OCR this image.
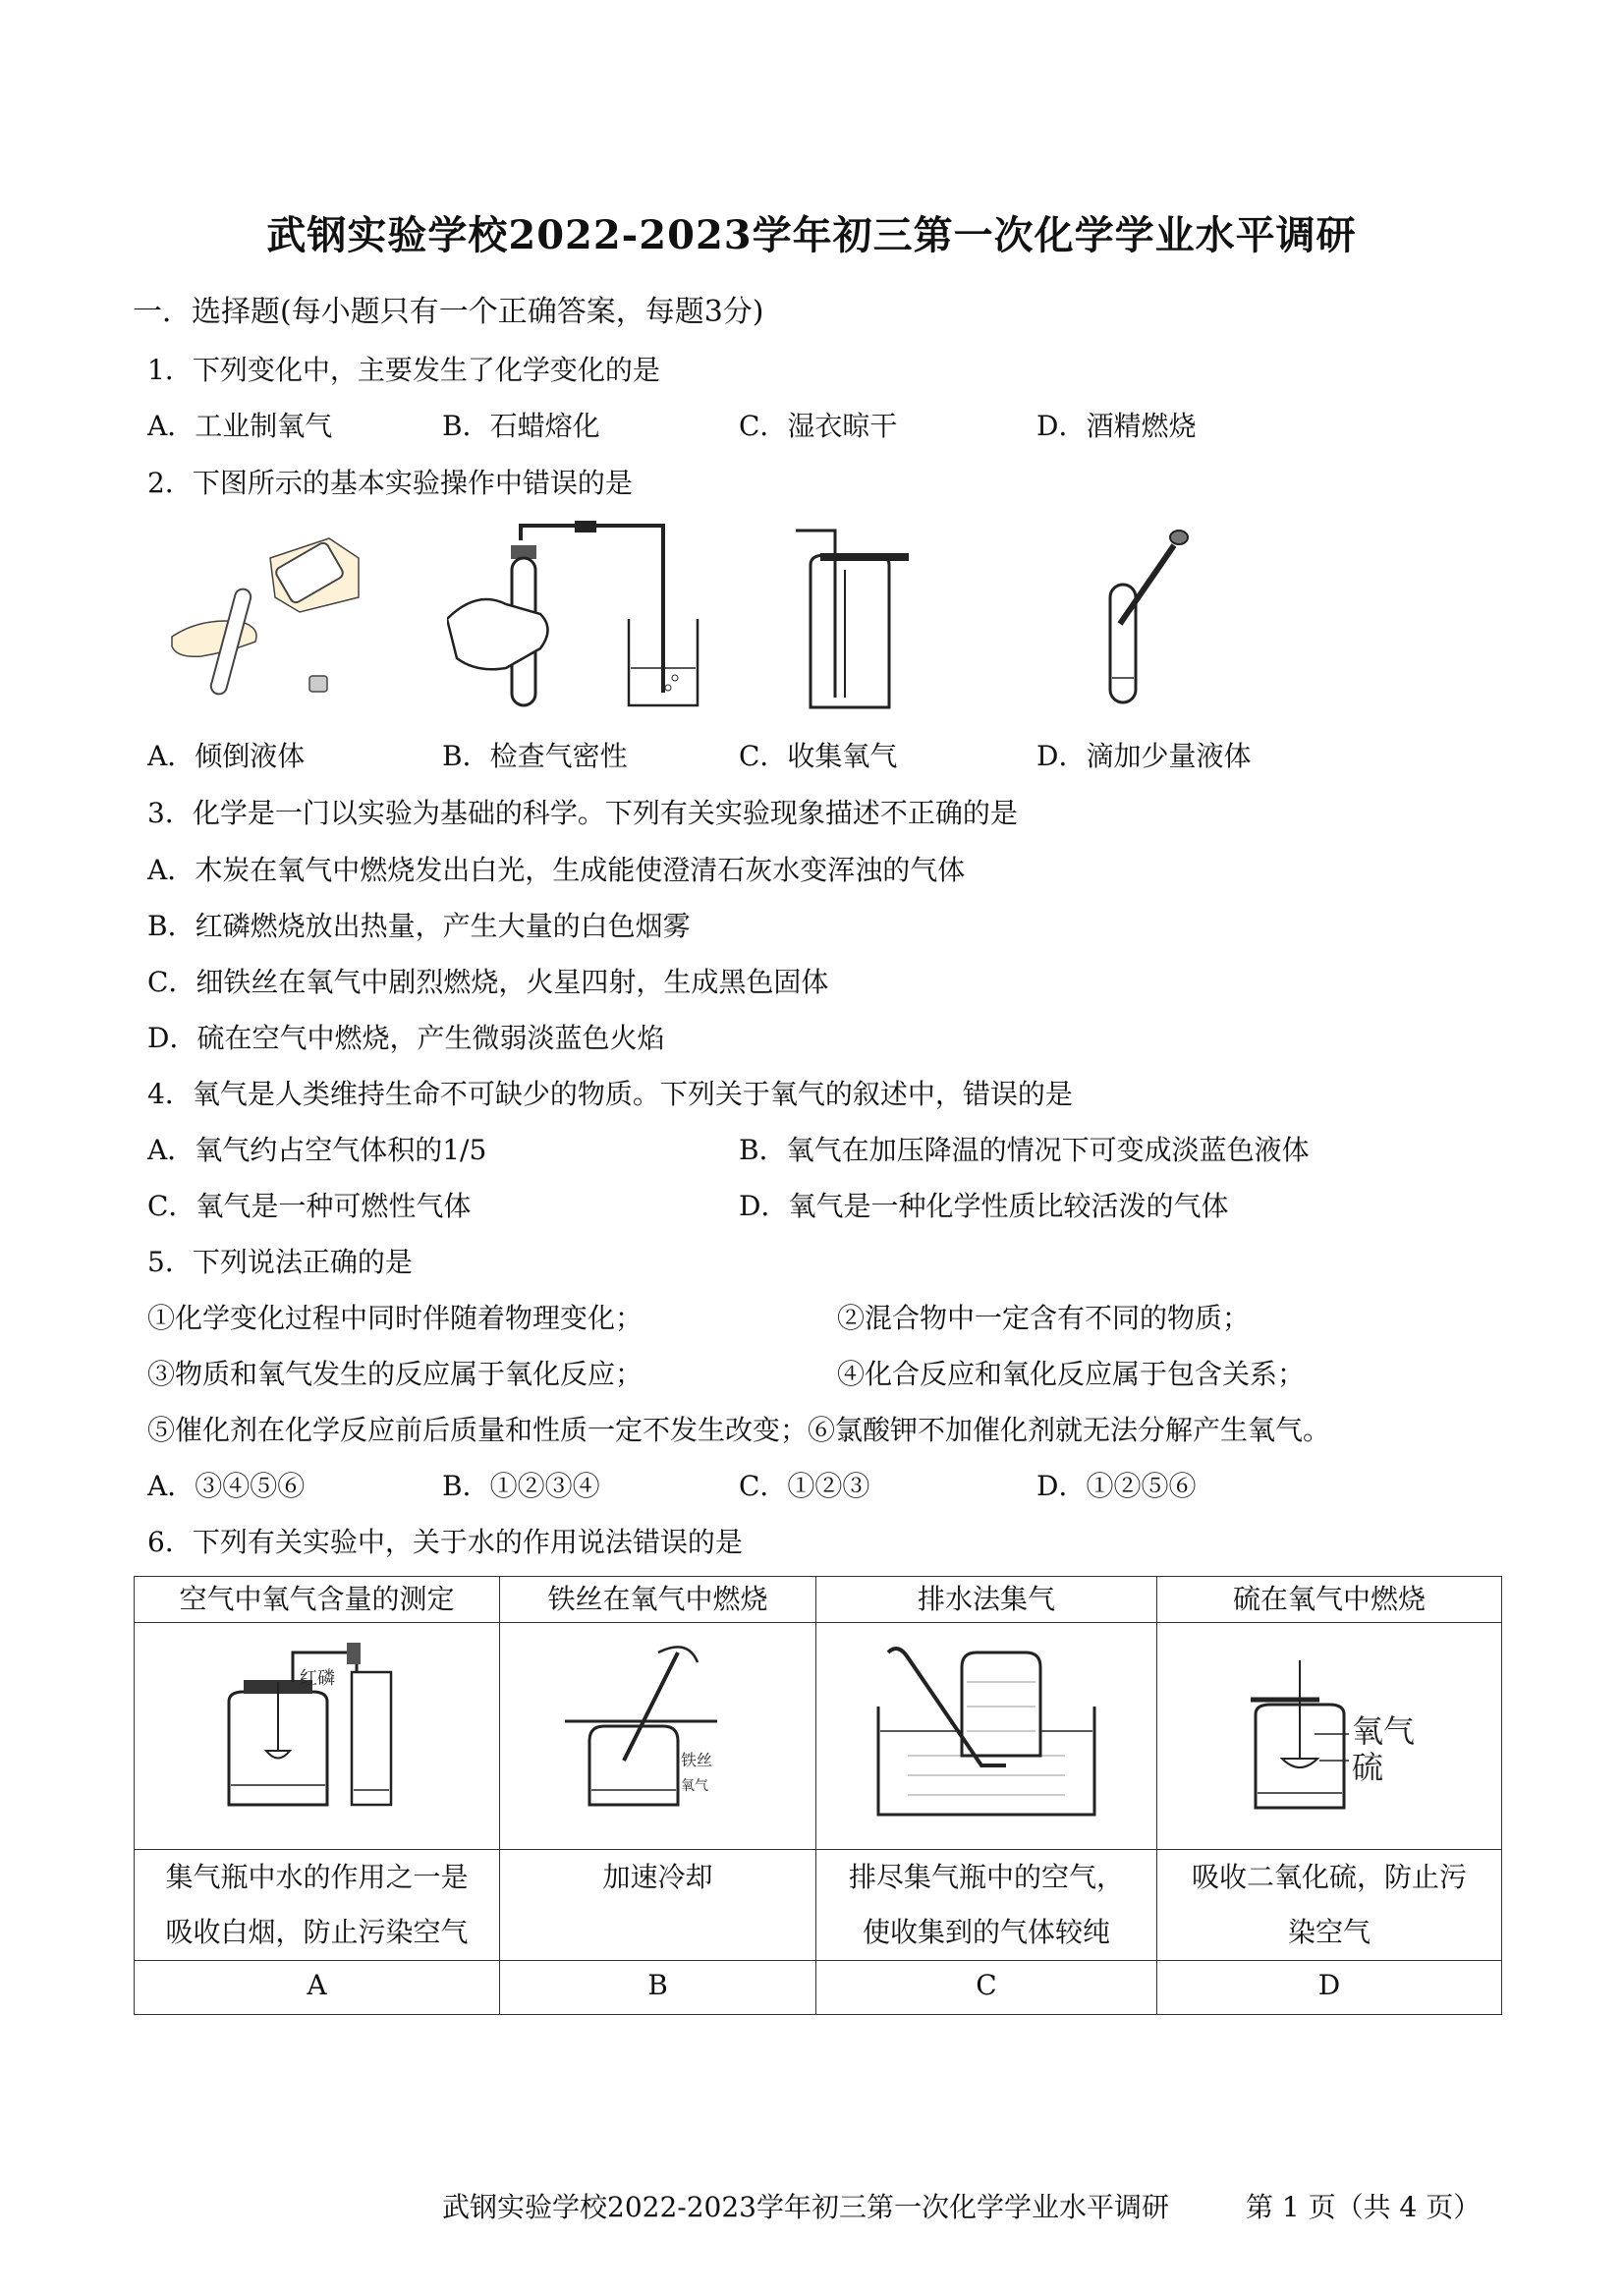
武钢实验学校2022-2023学年初三第一次化学学业水平调研
一．选择题(每小题只有一个正确答案，每题3分)
1．下列变化中，主要发生了化学变化的是
A．工业制氧气	B．石蜡熔化	C．湿衣晾干	D．酒精燃烧
2．下图所示的基本实验操作中错误的是
A．倾倒液体	B．检查气密性	C．收集氧气	D．滴加少量液体
3．化学是一门以实验为基础的科学。下列有关实验现象描述不正确的是
A．木炭在氧气中燃烧发出白光，生成能使澄清石灰水变浑浊的气体
B．红磷燃烧放出热量，产生大量的白色烟雾
C．细铁丝在氧气中剧烈燃烧，火星四射，生成黑色固体
D．硫在空气中燃烧，产生微弱淡蓝色火焰
4．氧气是人类维持生命不可缺少的物质。下列关于氧气的叙述中，错误的是
A．氧气约占空气体积的1/5	B．氧气在加压降温的情况下可变成淡蓝色液体
C．氧气是一种可燃性气体	D．氧气是一种化学性质比较活泼的气体
5．下列说法正确的是
①化学变化过程中同时伴随着物理变化；	②混合物中一定含有不同的物质；
③物质和氧气发生的反应属于氧化反应；	④化合反应和氧化反应属于包含关系；
⑤催化剂在化学反应前后质量和性质一定不发生改变；⑥氯酸钾不加催化剂就无法分解产生氧气。
A．③④⑤⑥	B．①②③④	C．①②③	D．①②⑤⑥
6．下列有关实验中，关于水的作用说法错误的是
空气中氧气含量的测定	铁丝在氧气中燃烧	排水法集气	硫在氧气中燃烧

红磷	铁丝
氧气		氧气
硫

集气瓶中水的作用之一是吸收白烟，防止污染空气	加速冷却	排尽集气瓶中的空气，使收集到的气体较纯	吸收二氧化硫，防止污染空气
A	B	C	D
武钢实验学校2022-2023学年初三第一次化学学业水平调研	第 1 页（共 4 页）
